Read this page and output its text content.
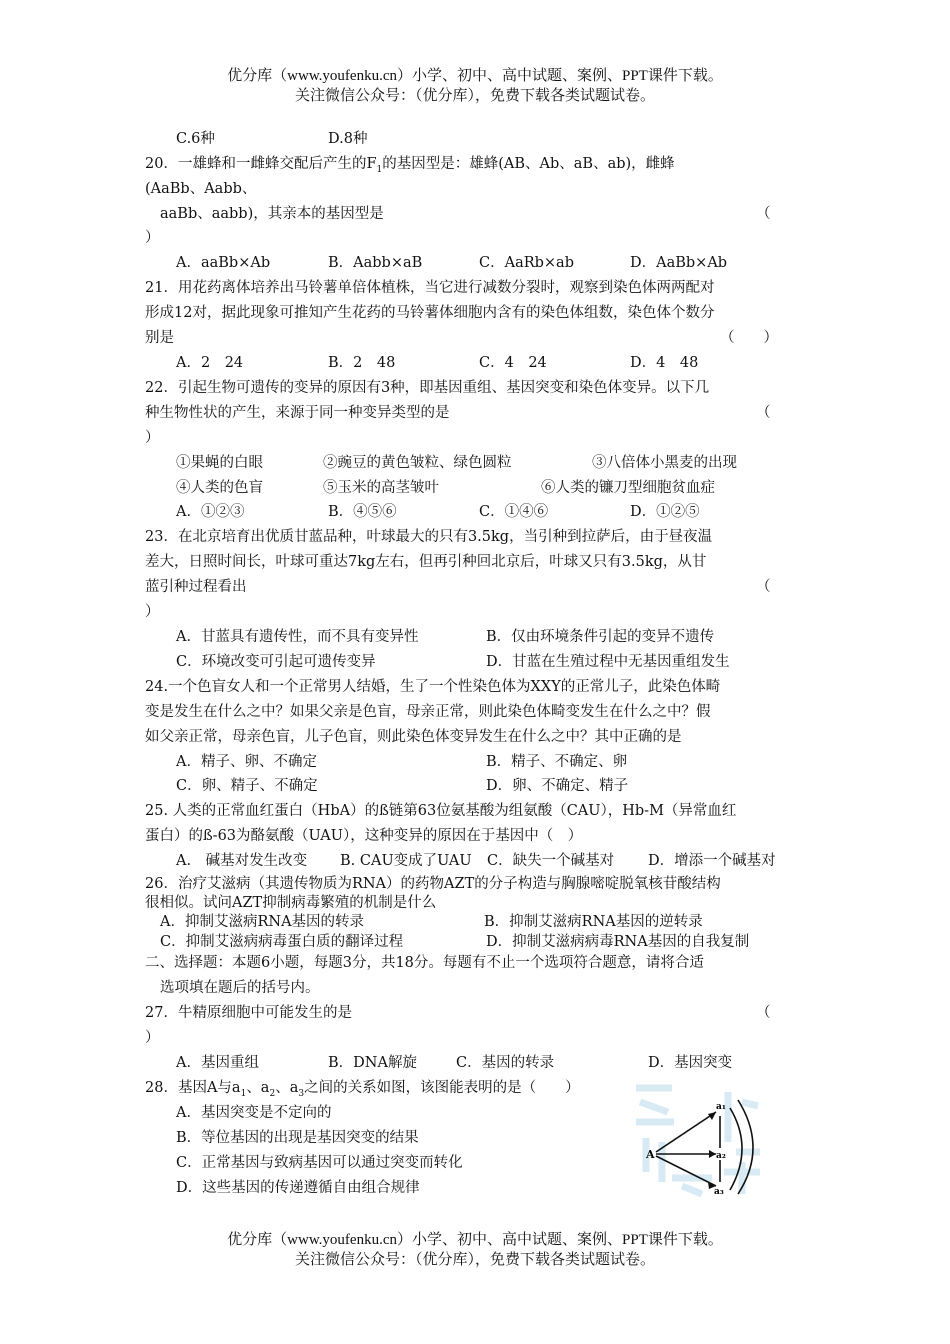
优分库（www.youfenku.cn）小学、初中、高中试题、案例、PPT课件下载。
关注微信公众号：（优分库），免费下载各类试题试卷。
C.6种	D.8种
20．一雄蜂和一雌蜂交配后产生的$F_1$的基因型是：雄蜂(AB、Ab、aB、ab)，雌蜂
(AaBb、Aabb、
aaBb、aabb)，其亲本的基因型是	（
）
A．aaBb×Ab	B．Aabb×aB	C．AaRb×ab	D．AaBb×Ab
21．用花药离体培养出马铃薯单倍体植株，当它进行减数分裂时，观察到染色体两两配对
形成12对，据此现象可推知产生花药的马铃薯体细胞内含有的染色体组数，染色体个数分
别是	（　　）
A．2　24	B．2　48	C．4　24	D．4　48
22．引起生物可遗传的变异的原因有3种，即基因重组、基因突变和染色体变异。以下几
种生物性状的产生，来源于同一种变异类型的是	（
）
①果蝇的白眼	②豌豆的黄色皱粒、绿色圆粒	③八倍体小黑麦的出现
④人类的色盲	⑤玉米的高茎皱叶	⑥人类的镰刀型细胞贫血症
A．①②③	B．④⑤⑥	C．①④⑥	D．①②⑤
23．在北京培育出优质甘蓝品种，叶球最大的只有3.5kg，当引种到拉萨后，由于昼夜温
差大，日照时间长，叶球可重达7kg左右，但再引种回北京后，叶球又只有3.5kg，从甘
蓝引种过程看出	（
）
A．甘蓝具有遗传性，而不具有变异性	B．仅由环境条件引起的变异不遗传
C．环境改变可引起可遗传变异	D．甘蓝在生殖过程中无基因重组发生
24.一个色盲女人和一个正常男人结婚，生了一个性染色体为XXY的正常儿子，此染色体畸
变是发生在什么之中？如果父亲是色盲，母亲正常，则此染色体畸变发生在什么之中？假
如父亲正常，母亲色盲，儿子色盲，则此染色体变异发生在什么之中？其中正确的是
A．精子、卵、不确定	B．精子、不确定、卵
C．卵、精子、不确定	D．卵、不确定、精子
25. 人类的正常血红蛋白（HbA）的ß链第63位氨基酸为组氨酸（CAU），Hb-M（异常血红
蛋白）的ß-63为酪氨酸（UAU），这种变异的原因在于基因中（　）
A.　碱基对发生改变 B. CAU变成了UAU C．缺失一个碱基对 D．增添一个碱基对
26．治疗艾滋病（其遗传物质为RNA）的药物AZT的分子构造与胸腺嘧啶脱氧核苷酸结构
很相似。试问AZT抑制病毒繁殖的机制是什么
A．抑制艾滋病RNA基因的转录	B．抑制艾滋病RNA基因的逆转录
C．抑制艾滋病病毒蛋白质的翻译过程	D．抑制艾滋病病毒RNA基因的自我复制
二、选择题：本题6小题，每题3分，共18分。每题有不止一个选项符合题意，请将合适
选项填在题后的括号内。
27．牛精原细胞中可能发生的是	（
）
A．基因重组	B．DNA解旋	C．基因的转录	D．基因突变
28．基因A与$a_1$、$a_2$、$a_3$之间的关系如图，该图能表明的是（　　）
A．基因突变是不定向的
B．等位基因的出现是基因突变的结果
C．正常基因与致病基因可以通过突变而转化
D．这些基因的传递遵循自由组合规律
A
a₁
a₂
a₃
优分库（www.youfenku.cn）小学、初中、高中试题、案例、PPT课件下载。
关注微信公众号：（优分库），免费下载各类试题试卷。
